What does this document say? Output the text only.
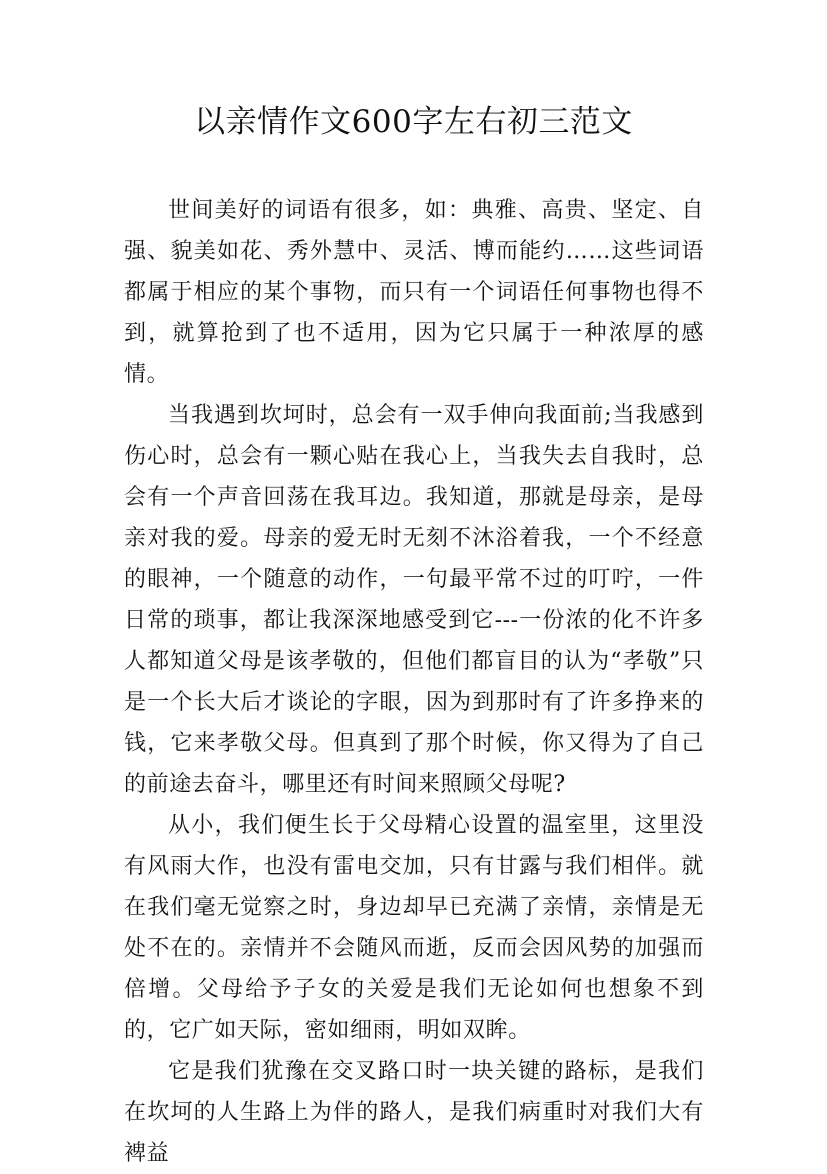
以亲情作文600字左右初三范文

世间美好的词语有很多，如：典雅、高贵、坚定、自强、貌美如花、秀外慧中、灵活、博而能约……这些词语都属于相应的某个事物，而只有一个词语任何事物也得不到，就算抢到了也不适用，因为它只属于一种浓厚的感情。

当我遇到坎坷时，总会有一双手伸向我面前;当我感到伤心时，总会有一颗心贴在我心上，当我失去自我时，总会有一个声音回荡在我耳边。我知道，那就是母亲，是母亲对我的爱。母亲的爱无时无刻不沐浴着我，一个不经意的眼神，一个随意的动作，一句最平常不过的叮咛，一件日常的琐事，都让我深深地感受到它---一份浓的化不许多人都知道父母是该孝敬的，但他们都盲目的认为“孝敬”只是一个长大后才谈论的字眼，因为到那时有了许多挣来的钱，它来孝敬父母。但真到了那个时候，你又得为了自己的前途去奋斗，哪里还有时间来照顾父母呢?

从小，我们便生长于父母精心设置的温室里，这里没有风雨大作，也没有雷电交加，只有甘露与我们相伴。就在我们毫无觉察之时，身边却早已充满了亲情，亲情是无处不在的。亲情并不会随风而逝，反而会因风势的加强而倍增。父母给予子女的关爱是我们无论如何也想象不到的，它广如天际，密如细雨，明如双眸。

它是我们犹豫在交叉路口时一块关键的路标，是我们在坎坷的人生路上为伴的路人，是我们病重时对我们大有裨益
